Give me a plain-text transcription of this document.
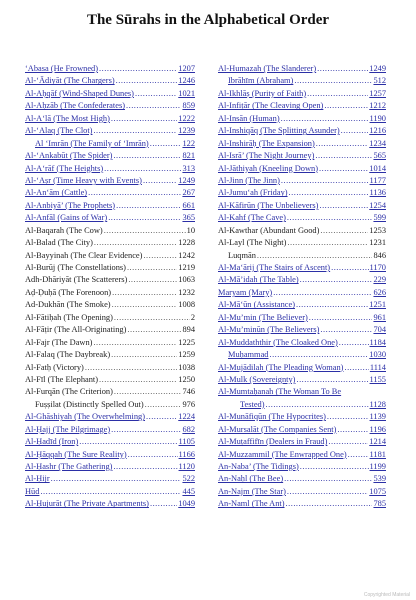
The Sūrahs in the Alphabetical Order
‘Abasa (He Frowned) .....	1207
Al-‘Ādiyāt (The Chargers) .....	1246
Al-Aḥqāf (Wind-Shaped Dunes) .....	1021
Al-Aḥzāb (The Confederates) .....	859
Al-A‘lā (The Most High) .....	1222
Al-‘Alaq (The Clot) .....	1239
Al ‘Imrān (The Family of ‘Imrān) .....	122
Al-‘Ankabūt (The Spider) .....	821
Al-A‘rāf (The Heights) .....	313
Al-‘Aṣr (Time Heavy with Events) .....	1249
Al-An‘ām (Cattle) .....	267
Al-Anbiyā’ (The Prophets) .....	661
Al-Anfāl (Gains of War) .....	365
Al-Baqarah (The Cow) .....	10
Al-Balad (The City) .....	1228
Al-Bayyinah (The Clear Evidence) .....	1242
Al-Burūj (The Constellations) .....	1219
Adh-Dhāriyāt (The Scatterers) .....	1063
Aḍ-Ḍuḥā (The Forenoon) .....	1232
Ad-Dukhān (The Smoke) .....	1008
Al-Fātiḥah (The Opening) .....	2
Al-Fāṭir (The All-Originating) .....	894
Al-Fajr (The Dawn) .....	1225
Al-Falaq (The Daybreak) .....	1259
Al-Fatḥ (Victory) .....	1038
Al-Fīl (The Elephant) .....	1250
Al-Furqān (The Criterion) .....	746
Fuṣṣilat (Distinctly Spelled Out) .....	976
Al-Ghāshiyah (The Overwhelming) .....	1224
Al-Ḥajj (The Pilgrimage) .....	682
Al-Ḥadīd (Iron) .....	1105
Al-Ḥāqqah (The Sure Reality) .....	1166
Al-Ḥashr (The Gathering) .....	1120
Al-Ḥijr .....	522
Hūd .....	445
Al-Ḥujurāt (The Private Apartments) .....	1049
Al-Humazah (The Slanderer) .....	1249
Ibrāhīm (Abraham) .....	512
Al-Ikhlāṣ (Purity of Faith) .....	1257
Al-Infiṭār (The Cleaving Open) .....	1212
Al-Insān (Human) .....	1190
Al-Inshiqāq (The Splitting Asunder) .....	1216
Al-Inshirāḥ (The Expansion) .....	1234
Al-Isrā’ (The Night Journey) .....	565
Al-Jāthiyah (Kneeling Down) .....	1014
Al-Jinn (The Jinn) .....	1177
Al-Jumu‘ah (Friday) .....	1136
Al-Kāfirūn (The Unbelievers) .....	1254
Al-Kahf (The Cave) .....	599
Al-Kawthar (Abundant Good) .....	1253
Al-Layl (The Night) .....	1231
Luqmān .....	846
Al-Ma‘ārij (The Stairs of Ascent) .....	1170
Al-Mā’idah (The Table) .....	229
Maryam (Mary) .....	626
Al-Mā‘ūn (Assistance) .....	1251
Al-Mu’min (The Believer) .....	961
Al-Mu’minūn (The Believers) .....	704
Al-Muddaththir (The Cloaked One) .....	1184
Muḥammad .....	1030
Al-Mujādilah (The Pleading Woman) .....	1114
Al-Mulk (Sovereignty) .....	1155
Al-Mumtaḥanah (The Woman To Be
Tested) .....	1128
Al-Munāfiqūn (The Hypocrites) .....	1139
Al-Mursalāt (The Companies Sent) .....	1196
Al-Muṭaffifīn (Dealers in Fraud) .....	1214
Al-Muzzammil (The Enwrapped One) .....	1181
An-Naba’ (The Tidings) .....	1199
An-Naḥl (The Bee) .....	539
An-Najm (The Star) .....	1075
An-Naml (The Ant) .....	785
Copyrighted Material
